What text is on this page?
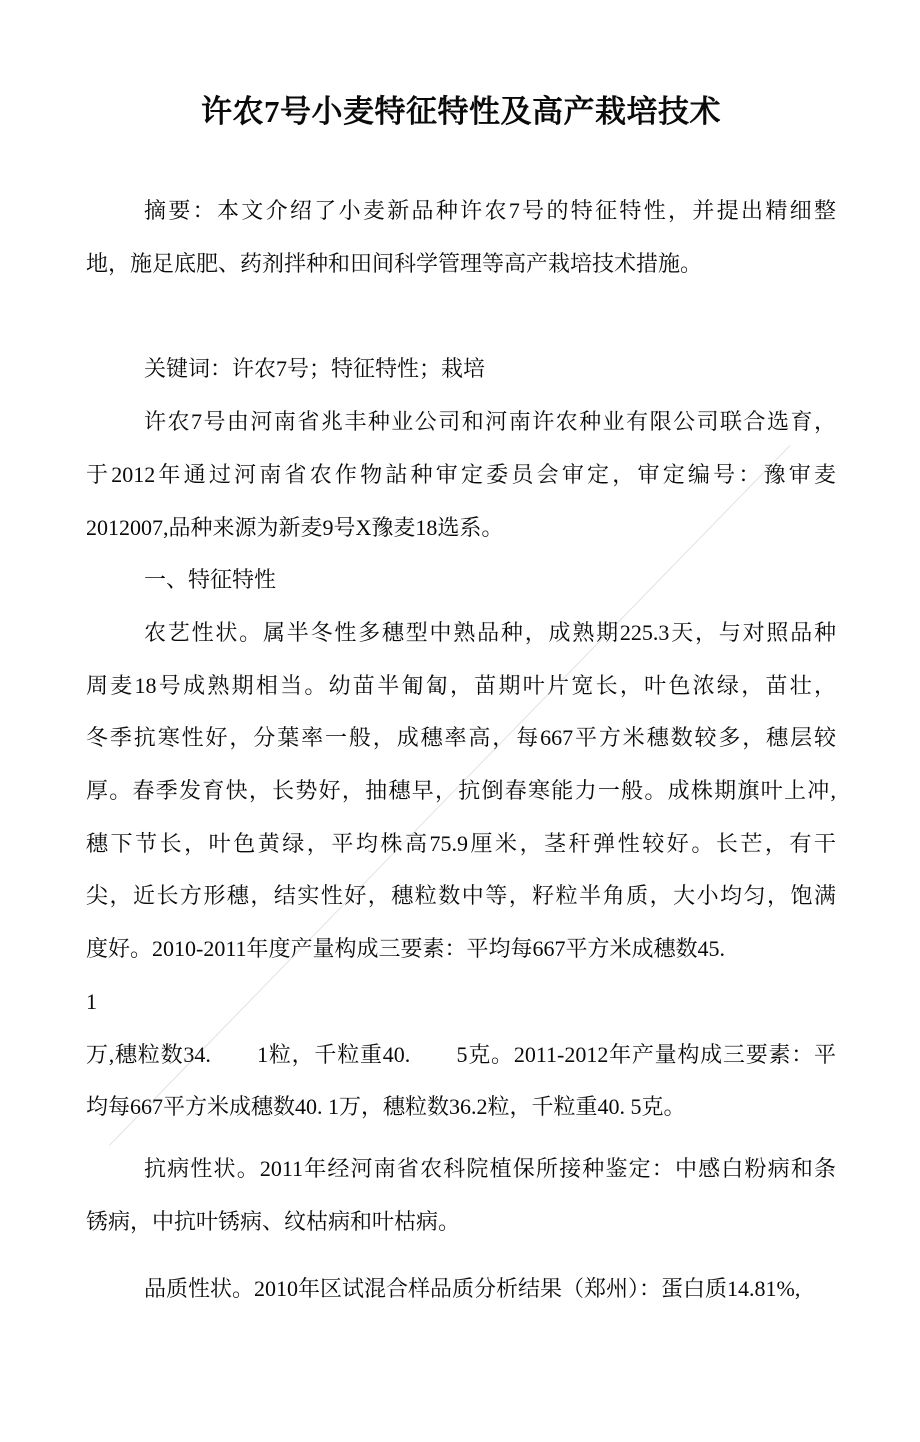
许农7号小麦特征特性及高产栽培技术
摘要：本文介绍了小麦新品种许农7号的特征特性，并提出精细整
地，施足底肥、药剂拌种和田间科学管理等高产栽培技术措施。
关键词：许农7号；特征特性；栽培
许农7号由河南省兆丰种业公司和河南许农种业有限公司联合选育，
于2012年通过河南省农作物詀种审定委员会审定，审定编号：豫审麦
2012007,品种来源为新麦9号X豫麦18选系。
一、特征特性
农艺性状。属半冬性多穗型中熟品种，成熟期225.3天，与对照品种
周麦18号成熟期相当。幼苗半匍匐，苗期叶片宽长，叶色浓绿，苗壮，
冬季抗寒性好，分葉率一般，成穗率高，每667平方米穗数较多，穗层较
厚。春季发育快，长势好，抽穗早，抗倒春寒能力一般。成株期旗叶上冲,
穗下节长，叶色黄绿，平均株高75.9厘米，茎秆弹性较好。长芒，有干
尖，近长方形穗，结实性好，穗粒数中等，籽粒半角质，大小均匀，饱满
度好。2010-2011年度产量构成三要素：平均每667平方米成穗数45.　　　　　1
万,穗粒数34.　　1粒，千粒重40.　　5克。2011-2012年产量构成三要素：平
均每667平方米成穗数40. 1万，穗粒数36.2粒，千粒重40. 5克。
抗病性状。2011年经河南省农科院植保所接种鉴定：中感白粉病和条
锈病，中抗叶锈病、纹枯病和叶枯病。
品质性状。2010年区试混合样品质分析结果（郑州）：蛋白质14.81%,
